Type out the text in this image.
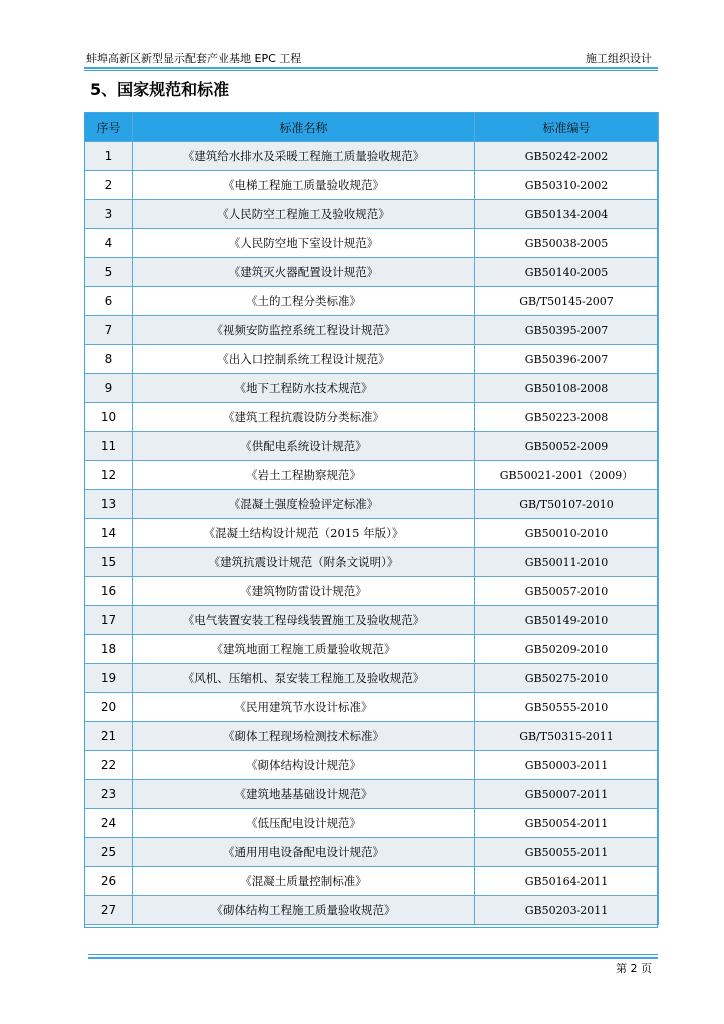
蚌埠高新区新型显示配套产业基地 EPC 工程	施工组织设计
5、国家规范和标准
序号	标准名称	标准编号
1	《建筑给水排水及采暖工程施工质量验收规范》	GB50242-2002
2	《电梯工程施工质量验收规范》	GB50310-2002
3	《人民防空工程施工及验收规范》	GB50134-2004
4	《人民防空地下室设计规范》	GB50038-2005
5	《建筑灭火器配置设计规范》	GB50140-2005
6	《土的工程分类标准》	GB/T50145-2007
7	《视频安防监控系统工程设计规范》	GB50395-2007
8	《出入口控制系统工程设计规范》	GB50396-2007
9	《地下工程防水技术规范》	GB50108-2008
10	《建筑工程抗震设防分类标准》	GB50223-2008
11	《供配电系统设计规范》	GB50052-2009
12	《岩土工程勘察规范》	GB50021-2001（2009）
13	《混凝土强度检验评定标准》	GB/T50107-2010
14	《混凝土结构设计规范（2015 年版）》	GB50010-2010
15	《建筑抗震设计规范（附条文说明）》	GB50011-2010
16	《建筑物防雷设计规范》	GB50057-2010
17	《电气装置安装工程母线装置施工及验收规范》	GB50149-2010
18	《建筑地面工程施工质量验收规范》	GB50209-2010
19	《风机、压缩机、泵安装工程施工及验收规范》	GB50275-2010
20	《民用建筑节水设计标准》	GB50555-2010
21	《砌体工程现场检测技术标准》	GB/T50315-2011
22	《砌体结构设计规范》	GB50003-2011
23	《建筑地基基础设计规范》	GB50007-2011
24	《低压配电设计规范》	GB50054-2011
25	《通用用电设备配电设计规范》	GB50055-2011
26	《混凝土质量控制标准》	GB50164-2011
27	《砌体结构工程施工质量验收规范》	GB50203-2011
第 2 页
